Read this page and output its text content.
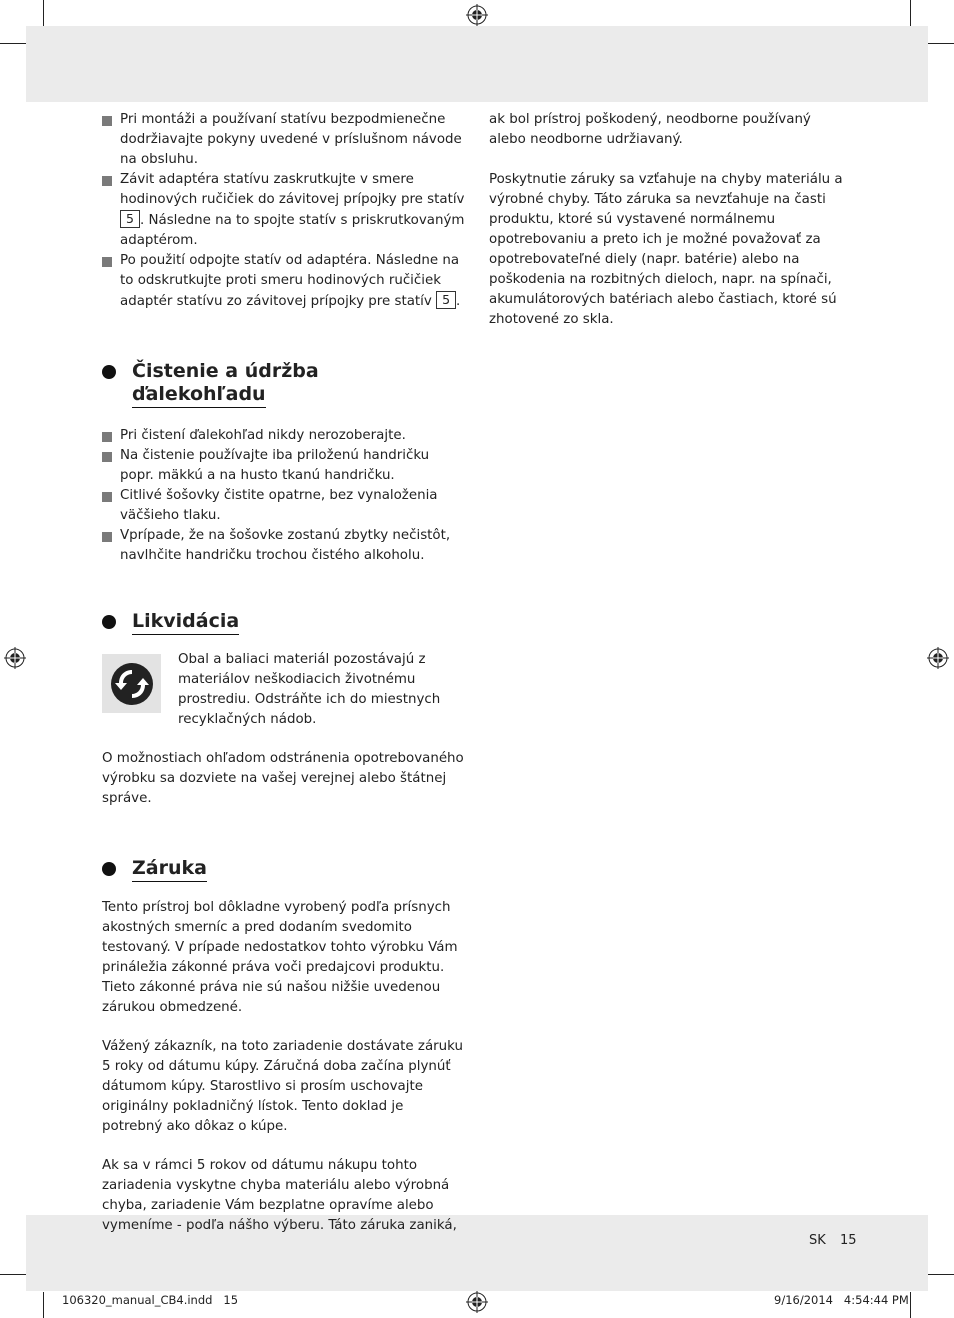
Pri montáži a používaní statívu bezpodmienečne dodržiavajte pokyny uvedené v príslušnom návode na obsluhu.
Závit adaptéra statívu zaskrutkujte v smere hodinových ručičiek do závitovej prípojky pre statív 5 . Následne na to spojte statív s priskrutkovaným adaptérom.
Po použití odpojte statív od adaptéra. Následne na to odskrutkujte proti smeru hodinových ručičiek adaptér statívu zo závitovej prípojky pre statív 5 .
Čistenie a údržba
ďalekohľadu
Pri čistení ďalekohľad nikdy nerozoberajte.
Na čistenie používajte iba priloženú handričku popr. mäkkú a na husto tkanú handričku.
Citlivé šošovky čistite opatrne, bez vynaloženia väčšieho tlaku.
Vprípade, že na šošovke zostanú zbytky nečistôt, navlhčite handričku trochou čistého alkoholu.
Likvidácia

Obal a baliaci materiál pozostávajú z materiálov neškodiacich životnému prostrediu. Odstráňte ich do miestnych recyklačných nádob.

O možnostiach ohľadom odstránenia opotrebovaného výrobku sa dozviete na vašej verejnej alebo štátnej správe.

Záruka

Tento prístroj bol dôkladne vyrobený podľa prísnych akostných smerníc a pred dodaním svedomito testovaný. V prípade nedostatkov tohto výrobku Vám prináležia zákonné práva voči predajcovi produktu. Tieto zákonné práva nie sú našou nižšie uvedenou zárukou obmedzené.

Vážený zákazník, na toto zariadenie dostávate záruku 5 roky od dátumu kúpy. Záručná doba začína plynúť dátumom kúpy. Starostlivo si prosím uschovajte originálny pokladničný lístok. Tento doklad je potrebný ako dôkaz o kúpe.

Ak sa v rámci 5 rokov od dátumu nákupu tohto zariadenia vyskytne chyba materiálu alebo výrobná chyba, zariadenie Vám bezplatne opravíme alebo vymeníme - podľa nášho výberu. Táto záruka zaniká,

ak bol prístroj poškodený, neodborne používaný alebo neodborne udržiavaný.

Poskytnutie záruky sa vzťahuje na chyby materiálu a výrobné chyby. Táto záruka sa nevzťahuje na časti produktu, ktoré sú vystavené normálnemu opotrebovaniu a preto ich je možné považovať za opotrebovateľné diely (napr. batérie) alebo na poškodenia na rozbitných dieloch, napr. na spínači, akumulátorových batériach alebo častiach, ktoré sú zhotovené zo skla.

SK 15
106320_manual_CB4.indd   15	9/16/2014   4:54:44 PM
